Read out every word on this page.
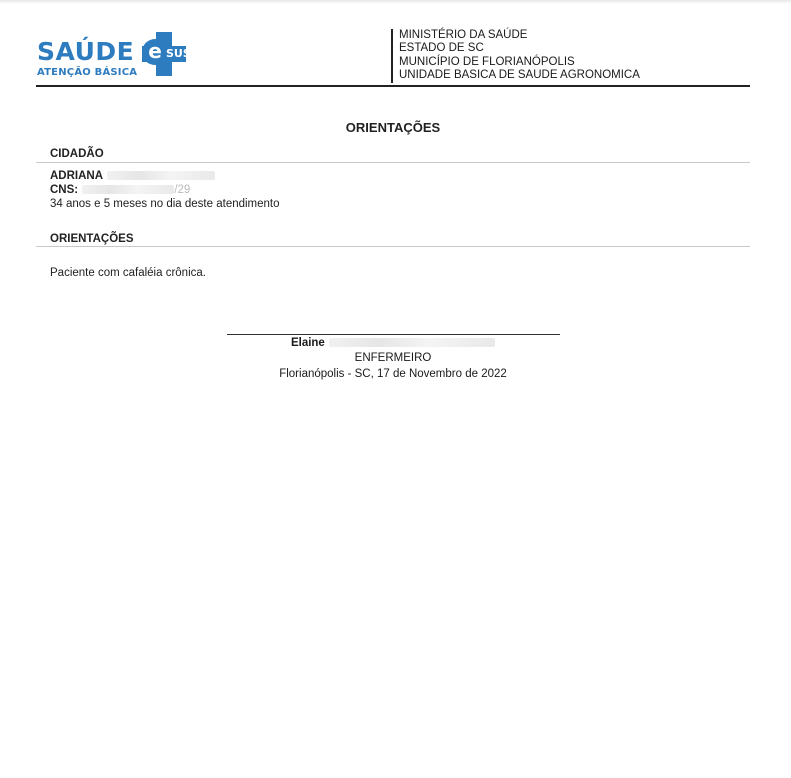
SAÚDE e SUS
ATENÇÃO BÁSICA
MINISTÉRIO DA SAÚDE
ESTADO DE SC
MUNICÍPIO DE FLORIANÓPOLIS
UNIDADE BASICA DE SAUDE AGRONOMICA
ORIENTAÇÕES
CIDADÃO
ADRIANA
CNS:	/29
34 anos e 5 meses no dia deste atendimento
ORIENTAÇÕES
Paciente com cafaléia crônica.
Elaine
ENFERMEIRO
Florianópolis - SC, 17 de Novembro de 2022
